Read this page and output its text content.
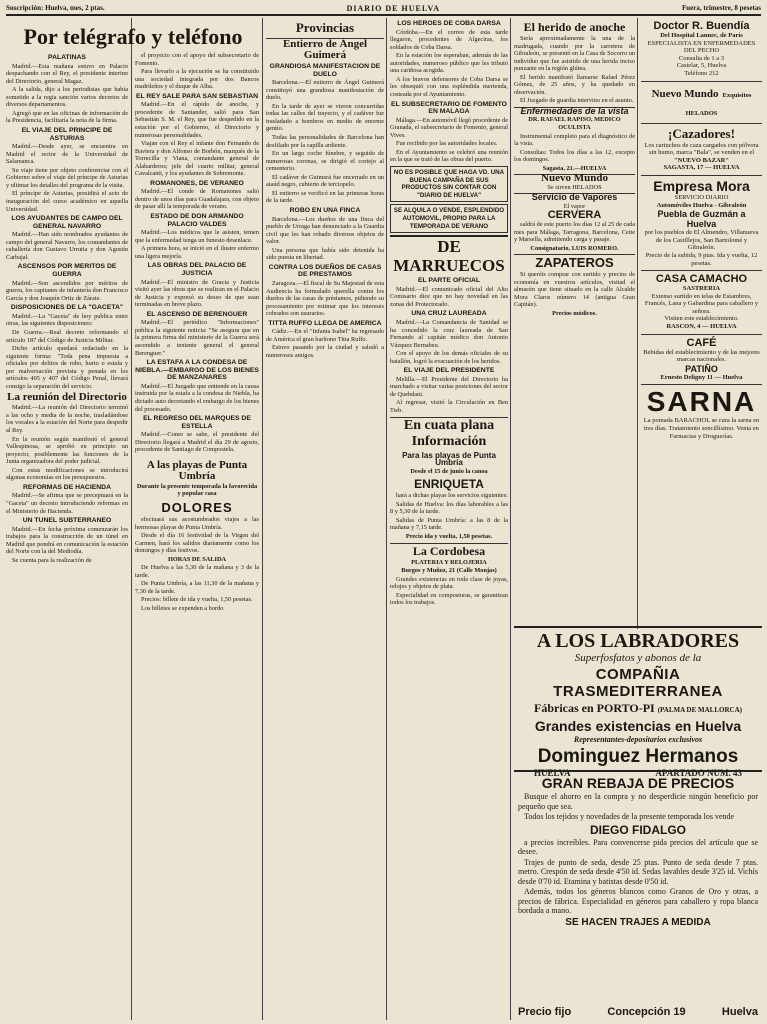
Suscripción: Huelva, mes, 2 ptas.	DIARIO DE HUELVA	Fuera, trimestre, 8 pesetas
Por telégrafo y teléfono
PALATINAS

Madrid.—Esta mañana estuvo en Palacio despachando con el Rey, el presidente interino del Directorio, general Magaz.

A la salida, dijo a los periodistas que había sometido a la regia sanción varios decretos de diversos departamentos.

Agregó que en las oficinas de información de la Presidencia, facilitaría la nota de la firma.

EL VIAJE DEL PRINCIPE DE ASTURIAS

Madrid.—Desde ayer, se encuentra en Madrid el rector de la Universidad de Salamanca.

Su viaje tiene por objeto conferenciar con el Gobierno sobre el viaje del príncipe de Asturias y ultimar los detalles del programa de la visita.

El príncipe de Asturias, presidirá el acto de inauguración del curso académico en aquella Universidad.

LOS AYUDANTES DE CAMPO DEL GENERAL NAVARRO

Madrid.—Han sido nombrados ayudantes de campo del general Navarro, los comandantes de caballería don Gustavo Urrutia y don Agustín Carbajal.

ASCENSOS POR MERITOS DE GUERRA

Madrid.—Son ascendidos por méritos de guerra, los capitanes de infantería don Francisco García y don Joaquín Ortiz de Zárate.

DISPOSICIONES DE LA "GACETA"

Madrid.—La "Gaceta" de hoy publica entre otras, las siguientes disposiciones:

De Guerra.—Real decreto reformando el artículo 187 del Código de Justicia Militar.

Dicho artículo quedará redactado en la siguiente forma: "Toda pena impuesta a oficiales por delitos de robo, hurto o estafa y por malversación prevista y penada en los artículos 405 y 407 del Código Penal, llevará consigo la separación del servicio.

La reunión del Directorio

Madrid.—La reunión del Directorio terminó a las ocho y media de la noche, trasladándose los vocales a la estación del Norte para despedir al Rey.

En la reunión según manifestó el general Vallespinosa, se aprobó en principio un proyecto; posiblemente las funciones de la Junta organizadora del poder judicial.

Con estas modificaciones se introducirá algunas economías en los presupuestos.

REFORMAS DE HACIENDA

Madrid.—Se afirma que se preceptuará en la "Gaceta" un decreto introduciendo reformas en el Ministerio de Hacienda.

UN TUNEL SUBTERRANEO

Madrid.—En fecha próxima comenzarán los trabajos para la construcción de un túnel en Madrid que pondrá en comunicación la estación del Norte con la del Mediodía.

Se cuenta para la realización de

el proyecto con el apoyo del subsecretario de Fomento.

Para llevarlo a la ejecución se ha constituido una sociedad integrada por dos Bancos madrileños y el duque de Alba.

EL REY SALE PARA SAN SEBASTIAN

Madrid.—En el rápido de anoche, y procedente de Santander, salió para San Sebastián S. M. el Rey, que fue despedido en la estación por el Gobierno, el Directorio y numerosas personalidades.

Viajan con el Rey el infante don Fernando de Baviera y don Alfonso de Borbón, marqués de la Torrecilla y Viana, comandante general de Alabarderos; jefe del cuarto militar, general Cavalcanti, y los ayudantes de Sobremonte.

ROMANONES, DE VERANEO

Madrid.—El conde de Romanones salió dentro de unos días para Guadalajara, con objeto de pasar allí la temporada de verano.

ESTADO DE DON ARMANDO PALACIO VALDES

Madrid.—Los médicos que le asisten, temen que la enfermedad tenga un funesto desenlace.

A primera hora, se inició en el ilustre enfermo una ligera mejoría.

LAS OBRAS DEL PALACIO DE JUSTICIA

Madrid.—El ministro de Gracia y Justicia visitó ayer las obras que se realizan en el Palacio de Justicia y expresó su deseo de que sean terminadas en breve plazo.

EL ASCENSO DE BERENGUER

Madrid.—El periódico "Informaciones" publica la siguiente noticia: "Se asegura que en la primera firma del ministerio de la Guerra será ascendido a teniente general el general Berenguer."

LA ESTAFA A LA CONDESA DE NIEBLA.—EMBARGO DE LOS BIENES DE MANZANARES

Madrid.—El Juzgado que entiende en la causa instruida por la estafa a la condesa de Niebla, ha dictado auto decretando el embargo de los bienes del procesado.

EL REGRESO DEL MARQUES DE ESTELLA

Madrid.—Como se sabe, el presidente del Directorio llegará a Madrid el día 29 de agosto, procedente de Santiago de Compostela.

A las playas de Punta Umbría

Durante la presente temporada la favorecida y popular casa

DOLORES

efectuará sus acostumbrados viajes a las hermosas playas de Punta Umbría.

Desde el día 16 festividad de la Virgen del Carmen, hará los salidos diariamente como los domingos y días festivos.

HORAS DE SALIDA

De Huelva a las 5,30 de la mañana y 3 de la tarde.

De Punta Umbría, a las 11,30 de la mañana y 7,30 de la tarde.

Precios: billete de ida y vuelta, 1,50 pesetas.

Los billetes se expenden a bordo

Provincias
Entierro de Ángel Guimerá
GRANDIOSA MANIFESTACION DE DUELO

Barcelona.—El entierro de Ángel Guimerá constituyó una grandiosa manifestación de duelo.

En la tarde de ayer se vieron concurridas todas las calles del trayecto, y el cadáver fue trasladado a hombros en medio de enorme gentío.

Todas las personalidades de Barcelona han desfilado por la capilla ardiente.

En un largo coche fúnebre, y seguido de numerosas coronas, se dirigió el cortejo al cementerio.

El cadáver de Guimerá fue encerrado en un ataúd negro, cubierto de terciopelo.

El entierro se verificó en las primeras horas de la tarde.

ROBO EN UNA FINCA

Barcelona.—Los dueños de una finca del pueblo de Urraga han denunciado a la Guardia civil que les han robado diversos objetos de valor.

Una persona que había sido detenida ha sido puesta en libertad.

CONTRA LOS DUEÑOS DE CASAS DE PRESTAMOS

Zaragoza.—El fiscal de Su Majestad de esta Audiencia ha formulado querella contra los dueños de las casas de préstamos, pidiendo su procesamiento por estimar que los intereses cobrados son usurarios.

TITTA RUFFO LLEGA DE AMERICA

Cádiz.—En el "Infanta Isabel" ha regresado de América el gran barítono Titta Ruffo.

Estuvo pasando por la ciudad y saludó a numerosos amigos.

LOS HEROES DE COBA DARSA

Córdoba.—En el correo de esta tarde llegaron, procedentes de Algeciras, los soldados de Coba Darsa.

En la estación los esperaban, además de las autoridades, numeroso público que les tributó una cariñosa acogida.

A los bravos defensores de Coba Darsa se les obsequió con una espléndida merienda, costeada por el Ayuntamiento.

EL SUBSECRETARIO DE FOMENTO EN MALAGA

Málaga.—En automóvil llegó procedente de Granada, el subsecretario de Fomento, general Vives.

Fue recibido por las autoridades locales.

En el Ayuntamiento se celebró una reunión en la que se trató de las obras del puerto.

NO ES POSIBLE QUE HAGA VD. UNA BUENA CAMPAÑA DE SUS PRODUCTOS SIN CONTAR CON "DIARIO DE HUELVA"
SE ALQUILA O VENDE, ESPLENDIDO AUTOMOVIL, PROPIO PARA LA TEMPORADA DE VERANO
DE MARRUECOS
EL PARTE OFICIAL

Madrid.—El comunicado oficial del Alto Comisario dice que no hay novedad en las zonas del Protectorado.

UNA CRUZ LAUREADA

Madrid.—La Comandancia de Sanidad se ha concedido la cruz laureada de San Fernando al capitán médico don Antonio Vázquez Bernabeu.

Con el apoyo de los demás oficiales de su batallón, logró la evacuación de los heridos.

EL VIAJE DEL PRESIDENTE

Melilla.—El Presidente del Directorio ha marchado a visitar varias posiciones del sector de Quebdani.

Al regresar, visitó la Circulación en Ben Tieb.

En cuata plana Información
Para las playas de Punta Umbría

Desde el 15 de junio la canoa

ENRIQUETA

hará a dichas playas los servicios siguientes:

Salidas de Huelva: los días laborables a las 8 y 5,30 de la tarde.

Salidas de Punta Umbría: a las 8 de la mañana y 7,15 tarde.

Precio ida y vuelta, 1,50 pesetas.

La Cordobesa

PLATERIA Y RELOJERIA

Burgos y Muñoz, 21 (Calle Monjas)

Grandes existencias en toda clase de joyas, relojes y objetos de plata.

Especialidad en composturas, se garantizan todos los trabajos.

El herido de anoche

Sería aproximadamente la una de la madrugada, cuando por la carretera de Gibraleón, se presentó en la Casa de Socorro un individuo que fue asistido de una herida inciso punzante en la región glútea.

El herido manifestó llamarse Rafael Pérez Gómez, de 25 años, y ha quedado en observación.

El Juzgado de guardia intervino en el asunto.

Enfermedades de la vista

DR. RAFAEL RAPISO, MEDICO OCULISTA

Instrumental completo para el diagnóstico de la vista.

Consultas: Todos los días a las 12, excepto los domingos.

Sagasta, 21.—HUELVA

Nuevo Mundo

Se sirven HELADOS

Servicio de Vapores

El vapor

CERVERA

saldrá de este puerto los días 12 al 25 de cada mes para Málaga, Tarragona, Barcelona, Cette y Marsella, admitiendo carga y pasaje.

Consignatario, LUIS ROMERO.

ZAPATEROS

Si queréis comprar con surtido y precios de economía en vuestros artículos, visitad el almacén que tiene situado en la calle Alcalde Mora Claros número 14 (antigua Gran Capitán).

Precios módicos.

Doctor R. Buendía
Del Hospital Lannec, de París
ESPECIALISTA EN ENFERMEDADES DEL PECHO
Consulta de 1 a 3
Castelar, 5, Huelva
Teléfono 212
Nuevo Mundo Exquisitos HELADOS
¡Cazadores!
Los cartuchos de caza cargados con pólvora sin humo, marca "Bala", se venden en el
"NUEVO BAZAR"
SAGASTA, 17 — HUELVA
Empresa Mora
SERVICIO DIARIO
Automóviles Huelva - Gibraleón
Puebla de Guzmán a Huelva
por los pueblos de El Almendro, Villanueva de los Castillejos, San Bartolomé y Gibraleón.
Precio de la subida, 9 ptas. Ida y vuelta, 12 pesetas.
CASA CAMACHO
SASTRERIA
Extenso surtido en telas de Estambres, Francés, Lana y Gabardina para caballero y señora.
Visiten este establecimiento.
RASCON, 4 — HUELVA
CAFÉ
Bebidas del establecimiento y de las mejores marcas nacionales.
PATIÑO
Ernesto Deligny 11 — Huelva
SARNA
La pomada BARACHOL se cura la sarna en tres días. Tratamiento sencillísimo. Venta en Farmacias y Droguerías.
A LOS LABRADORES
Superfosfatos y abonos de la
COMPAÑIA TRASMEDITERRANEA
Fábricas en PORTO-PI (PALMA DE MALLORCA)
Grandes existencias en Huelva
Representantes-depositarios exclusivos
Dominguez Hermanos
HUELVA	APARTADO NUM. 43
GRAN REBAJA DE PRECIOS

Busque el ahorro en la compra y no desperdicie ningún beneficio por pequeño que sea.

Todos los tejidos y novedades de la presente temporada los vende

DIEGO FIDALGO

a precios increíbles. Para convencerse pida precios del artículo que se desee.

Trajes de punto de seda, desde 25 ptas. Punto de seda desde 7 ptas. metro. Crespón de seda desde 4'50 id. Sedas lavables desde 3'25 id. Vichís desde 0'70 id. Etamina y batistas desde 0'50 id.

Además, todos los géneros blancos como Granos de Oro y otras, a precios de fábrica. Especialidad en géneros para caballero y ropa blanca bordada a mano.

SE HACEN TRAJES A MEDIDA
Precio fijo	Concepción 19	Huelva
